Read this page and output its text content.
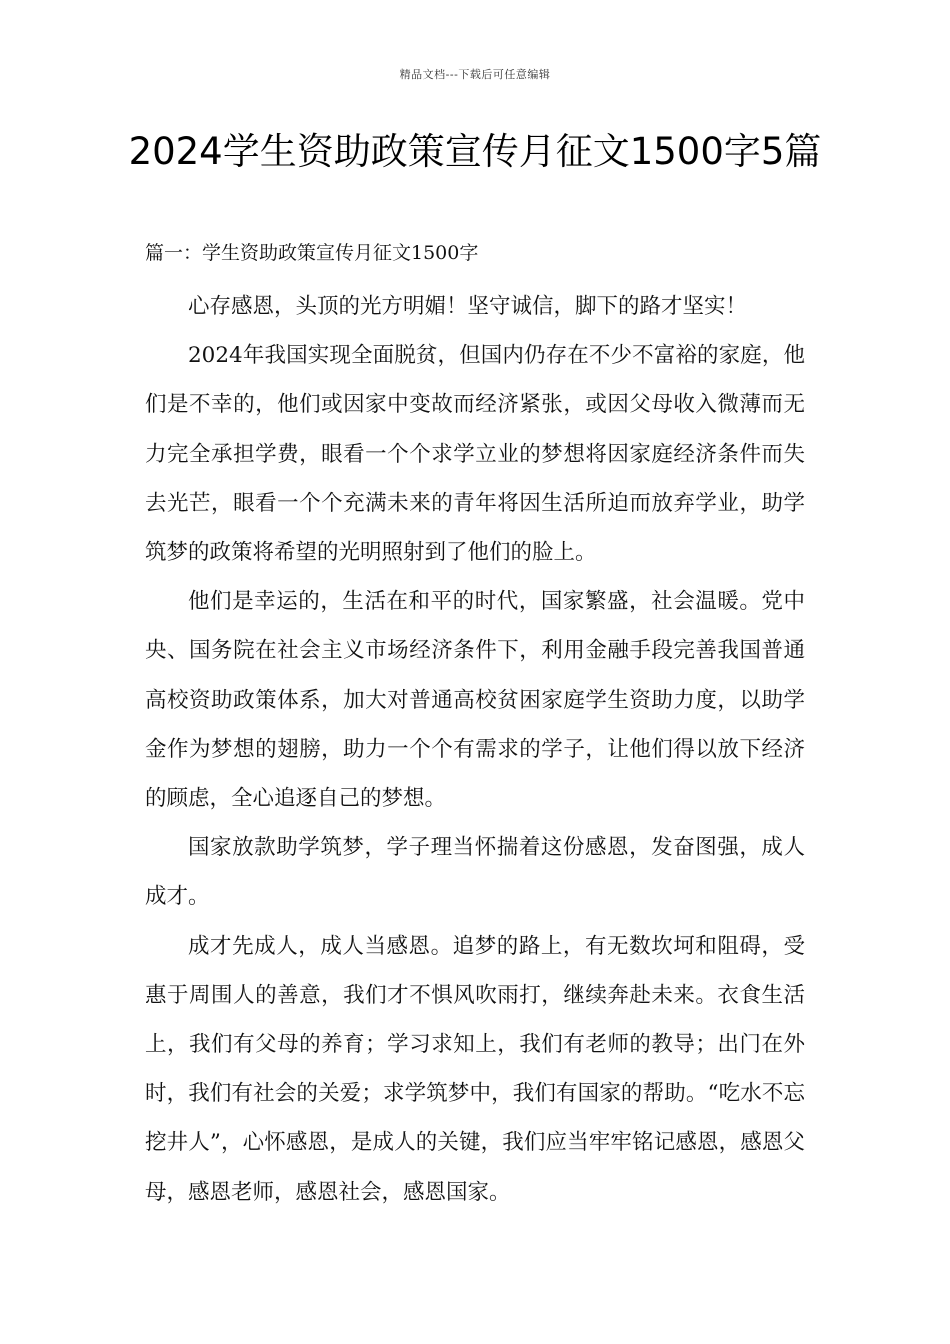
精品文档---下载后可任意编辑
2024学生资助政策宣传月征文1500字5篇
篇一：学生资助政策宣传月征文1500字

心存感恩，头顶的光方明媚！坚守诚信，脚下的路才坚实！

2024年我国实现全面脱贫，但国内仍存在不少不富裕的家庭，他们是不幸的，他们或因家中变故而经济紧张，或因父母收入微薄而无力完全承担学费，眼看一个个求学立业的梦想将因家庭经济条件而失去光芒，眼看一个个充满未来的青年将因生活所迫而放弃学业，助学筑梦的政策将希望的光明照射到了他们的脸上。

他们是幸运的，生活在和平的时代，国家繁盛，社会温暖。党中央、国务院在社会主义市场经济条件下，利用金融手段完善我国普通高校资助政策体系，加大对普通高校贫困家庭学生资助力度，以助学金作为梦想的翅膀，助力一个个有需求的学子，让他们得以放下经济的顾虑，全心追逐自己的梦想。

国家放款助学筑梦，学子理当怀揣着这份感恩，发奋图强，成人成才。

成才先成人，成人当感恩。追梦的路上，有无数坎坷和阻碍，受惠于周围人的善意，我们才不惧风吹雨打，继续奔赴未来。衣食生活上，我们有父母的养育；学习求知上，我们有老师的教导；出门在外时，我们有社会的关爱；求学筑梦中，我们有国家的帮助。“吃水不忘挖井人”，心怀感恩，是成人的关键，我们应当牢牢铭记感恩，感恩父母，感恩老师，感恩社会，感恩国家。
